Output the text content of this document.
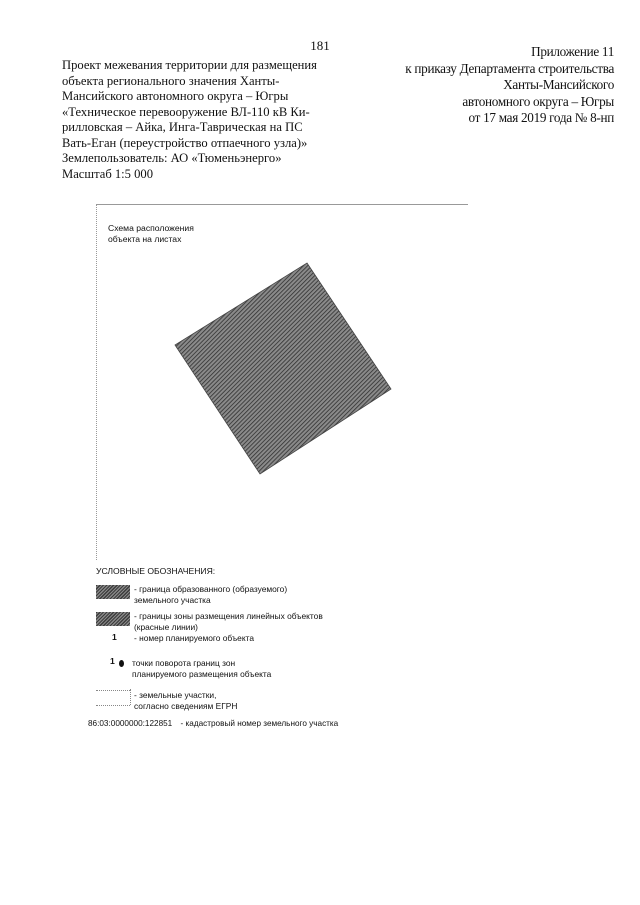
181	Приложение 11
к приказу Департамента строительства
Ханты-Мансийского
автономного округа – Югры
от 17 мая 2019 года № 8-нп
Проект межевания территории для размещения
объекта регионального значения Ханты-
Мансийского автономного округа – Югры
«Техническое перевооружение ВЛ-110 кВ Ки-
рилловская – Айка, Инга-Тавричеcкая на ПС
Вать-Еган (переустройство отпаечного узла)»
Землепользователь: АО «Тюменьэнерго»
Масштаб 1:5 000
Схема расположения
объекта на листах
УСЛОВНЫЕ ОБОЗНАЧЕНИЯ:
- граница образованного (образуемого)
земельного участка
- границы зоны размещения линейных объектов
(красные линии)
1 - номер планируемого объекта
1 точки поворота границ зон
планируемого размещения объекта
- земельные участки,
согласно сведениям ЕГРН
86:03:0000000:122851 - кадастровый номер земельного участка
